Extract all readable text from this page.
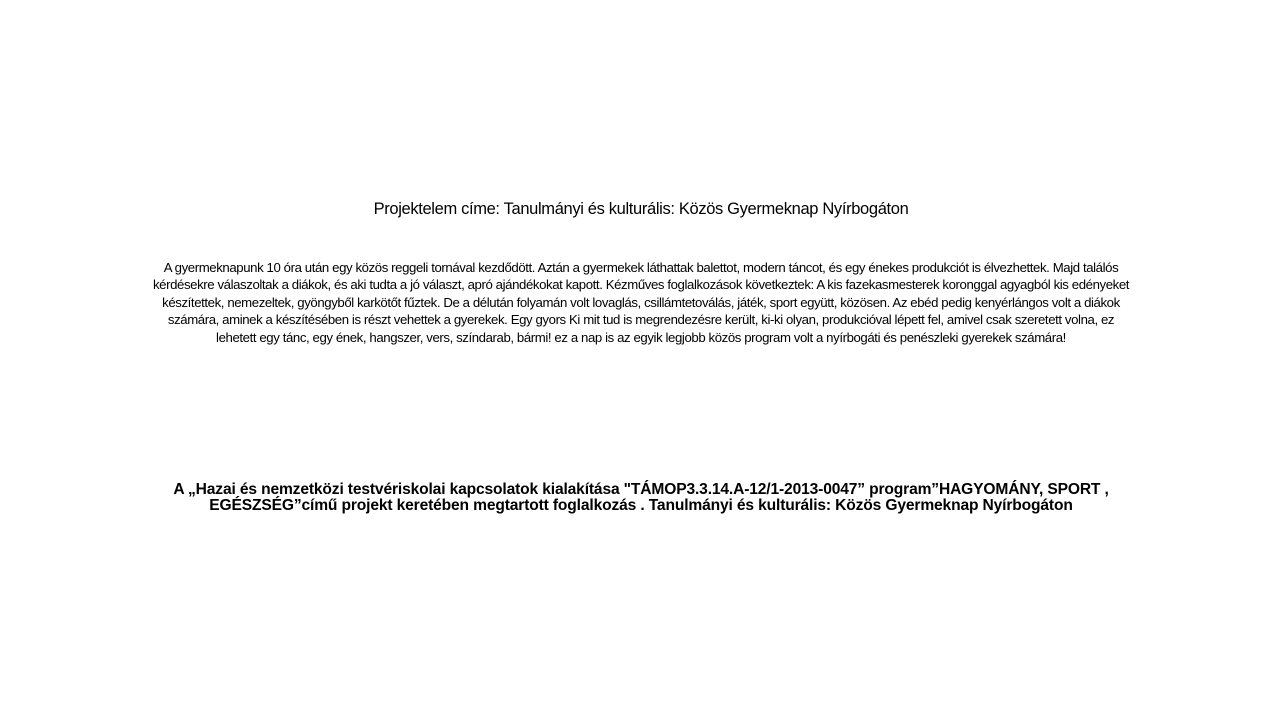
Projektelem címe: Tanulmányi és kulturális: Közös Gyermeknap Nyírbogáton
A gyermeknapunk 10 óra után egy közös reggeli tornával kezdődött. Aztán a gyermekek láthattak balettot, modern táncot, és egy énekes produkciót is élvezhettek. Majd találós kérdésekre válaszoltak a diákok, és aki tudta a jó választ, apró ajándékokat kapott. Kézműves foglalkozások következtek: A kis fazekasmesterek koronggal agyagból kis edényeket készítettek, nemezeltek, gyöngyből karkötőt fűztek. De a délután folyamán volt lovaglás, csillámtetoválás, játék, sport együtt, közösen. Az ebéd pedig kenyérlángos volt a diákok számára, aminek a készítésében is részt vehettek a gyerekek. Egy gyors Ki mit tud is megrendezésre került, ki-ki olyan, produkcióval lépett fel, amivel csak szeretett volna, ez lehetett egy tánc, egy ének, hangszer, vers, színdarab, bármi! ez a nap is az egyik legjobb közös program volt a nyírbogáti és penészleki gyerekek számára!
A „Hazai és nemzetközi testvériskolai kapcsolatok kialakítása "TÁMOP3.3.14.A-12/1-2013-0047” program”HAGYOMÁNY, SPORT , EGÉSZSÉG”című projekt keretében megtartott foglalkozás . Tanulmányi és kulturális: Közös Gyermeknap Nyírbogáton
